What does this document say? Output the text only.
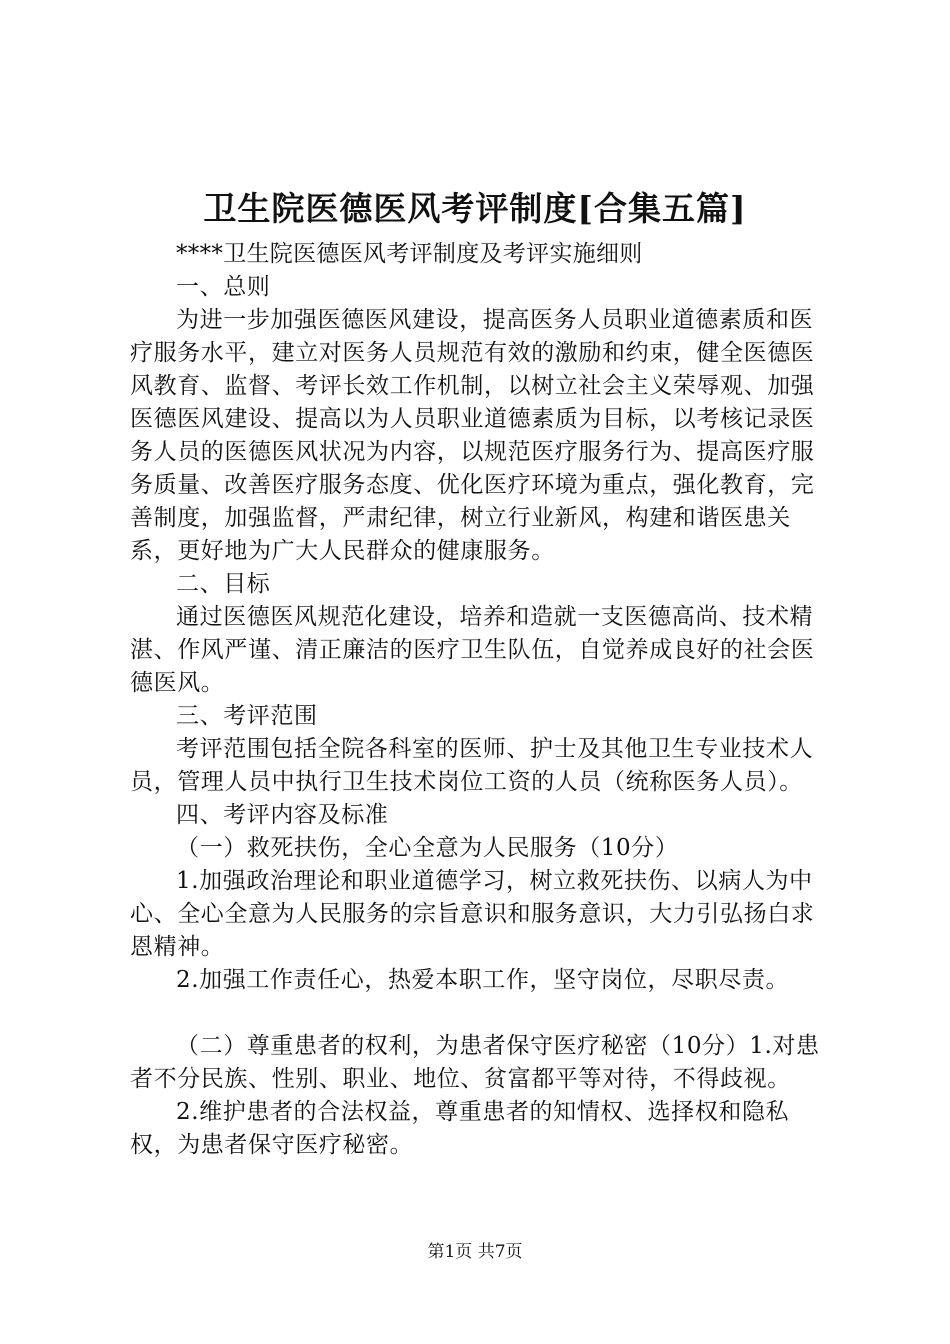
卫生院医德医风考评制度[合集五篇]

****卫生院医德医风考评制度及考评实施细则

一、总则

为进一步加强医德医风建设，提高医务人员职业道德素质和医疗服务水平，建立对医务人员规范有效的激励和约束，健全医德医风教育、监督、考评长效工作机制，以树立社会主义荣辱观、加强医德医风建设、提高以为人员职业道德素质为目标，以考核记录医务人员的医德医风状况为内容，以规范医疗服务行为、提高医疗服务质量、改善医疗服务态度、优化医疗环境为重点，强化教育，完善制度，加强监督，严肃纪律，树立行业新风，构建和谐医患关系，更好地为广大人民群众的健康服务。

二、目标

通过医德医风规范化建设，培养和造就一支医德高尚、技术精湛、作风严谨、清正廉洁的医疗卫生队伍，自觉养成良好的社会医德医风。

三、考评范围

考评范围包括全院各科室的医师、护士及其他卫生专业技术人员，管理人员中执行卫生技术岗位工资的人员（统称医务人员）。

四、考评内容及标准

（一）救死扶伤，全心全意为人民服务（10分）

1.加强政治理论和职业道德学习，树立救死扶伤、以病人为中心、全心全意为人民服务的宗旨意识和服务意识，大力引弘扬白求恩精神。

2.加强工作责任心，热爱本职工作，坚守岗位，尽职尽责。

（二）尊重患者的权利，为患者保守医疗秘密（10分）1.对患者不分民族、性别、职业、地位、贫富都平等对待，不得歧视。

2.维护患者的合法权益，尊重患者的知情权、选择权和隐私权，为患者保守医疗秘密。

第1页 共7页
